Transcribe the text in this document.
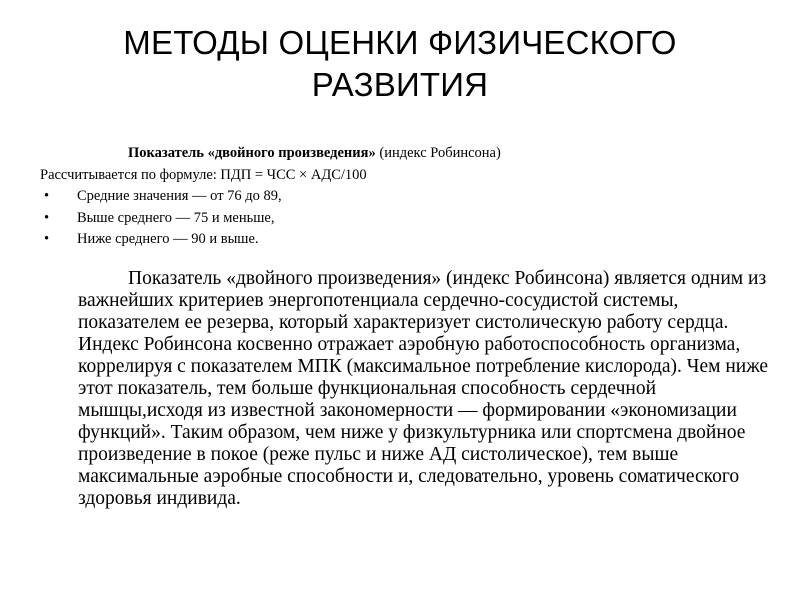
МЕТОДЫ ОЦЕНКИ ФИЗИЧЕСКОГО
РАЗВИТИЯ
Показатель «двойного произведения» (индекс Робинсона)
Рассчитывается по формуле: ПДП = ЧСС × АДС/100
• Средние значения — от 76 до 89,
• Выше среднего — 75 и меньше,
• Ниже среднего — 90 и выше.

Показатель «двойного произведения» (индекс Робинсона) является одним из важнейших критериев энергопотенциала сердечно-сосудистой системы, показателем ее резерва, который характеризует систолическую работу сердца. Индекс Робинсона косвенно отражает аэробную работоспособность организма, коррелируя с показателем МПК (максимальное потребление кислорода). Чем ниже этот показатель, тем больше функциональная способность сердечной мышцы,исходя из известной закономерности — формировании «экономизации функций». Таким образом, чем ниже у физкультурника или спортсмена двойное произведение в покое (реже пульс и ниже АД систолическое), тем выше максимальные аэробные способности и, следовательно, уровень соматического здоровья индивида.
